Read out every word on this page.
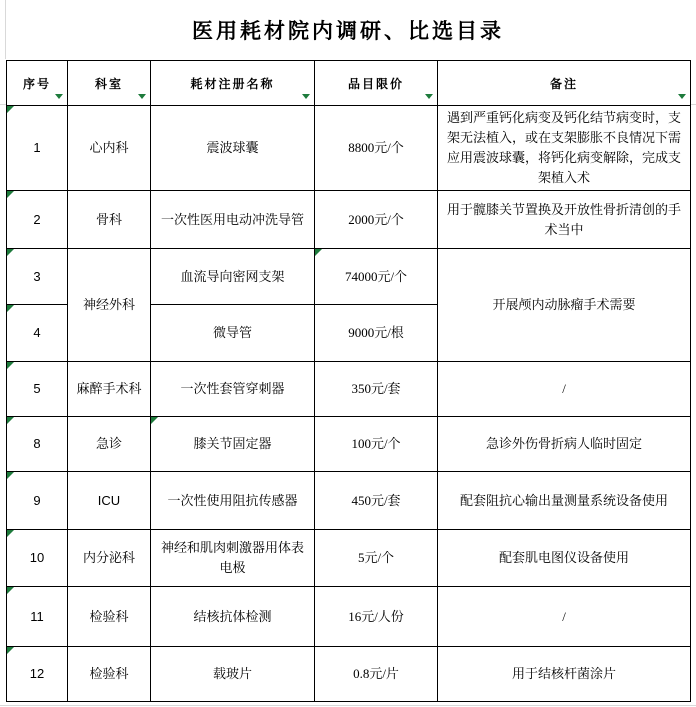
医用耗材院内调研、比选目录
序号	科室	耗材注册名称	品目限价	备注

1	心内科	震波球囊	8800元/个	遇到严重钙化病变及钙化结节病变时，支架无法植入，或在支架膨胀不良情况下需应用震波球囊，将钙化病变解除，完成支架植入术
2	骨科	一次性医用电动冲洗导管	2000元/个	用于髋膝关节置换及开放性骨折清创的手术当中
3	神经外科	血流导向密网支架	74000元/个	开展颅内动脉瘤手术需要
4		微导管	9000元/根	
5	麻醉手术科	一次性套管穿刺器	350元/套	/
8	急诊	膝关节固定器	100元/个	急诊外伤骨折病人临时固定
9	ICU	一次性使用阻抗传感器	450元/套	配套阻抗心输出量测量系统设备使用
10	内分泌科	神经和肌肉刺激器用体表电极	5元/个	配套肌电图仪设备使用
11	检验科	结核抗体检测	16元/人份	/
12	检验科	载玻片	0.8元/片	用于结核杆菌涂片
